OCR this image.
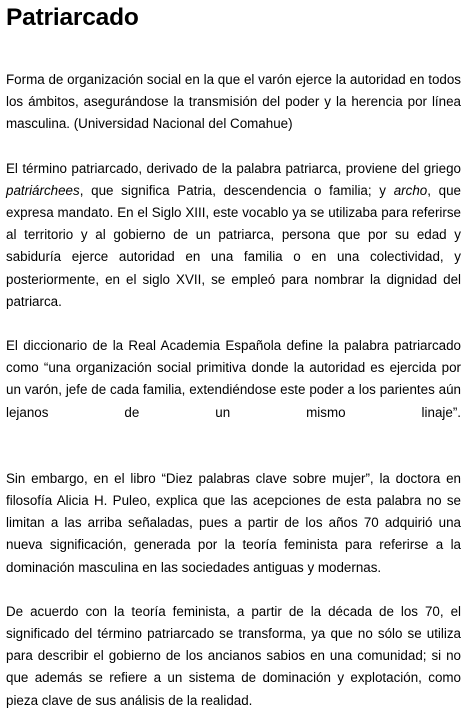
Patriarcado

Forma de organización social en la que el varón ejerce la autoridad en todos los ámbitos, asegurándose la transmisión del poder y la herencia por línea masculina. (Universidad Nacional del Comahue)

El término patriarcado, derivado de la palabra patriarca, proviene del griego patriárchees, que significa Patria, descendencia o familia; y archo, que expresa mandato. En el Siglo XIII, este vocablo ya se utilizaba para referirse al territorio y al gobierno de un patriarca, persona que por su edad y sabiduría ejerce autoridad en una familia o en una colectividad, y posteriormente, en el siglo XVII, se empleó para nombrar la dignidad del patriarca.

El diccionario de la Real Academia Española define la palabra patriarcado como “una organización social primitiva donde la autoridad es ejercida por un varón, jefe de cada familia, extendiéndose este poder a los parientes aún lejanos de un mismo linaje”.

Sin embargo, en el libro “Diez palabras clave sobre mujer”, la doctora en filosofía Alicia H. Puleo, explica que las acepciones de esta palabra no se limitan a las arriba señaladas, pues a partir de los años 70 adquirió una nueva significación, generada por la teoría feminista para referirse a la dominación masculina en las sociedades antiguas y modernas.

De acuerdo con la teoría feminista, a partir de la década de los 70, el significado del término patriarcado se transforma, ya que no sólo se utiliza para describir el gobierno de los ancianos sabios en una comunidad; si no que además se refiere a un sistema de dominación y explotación, como pieza clave de sus análisis de la realidad.
